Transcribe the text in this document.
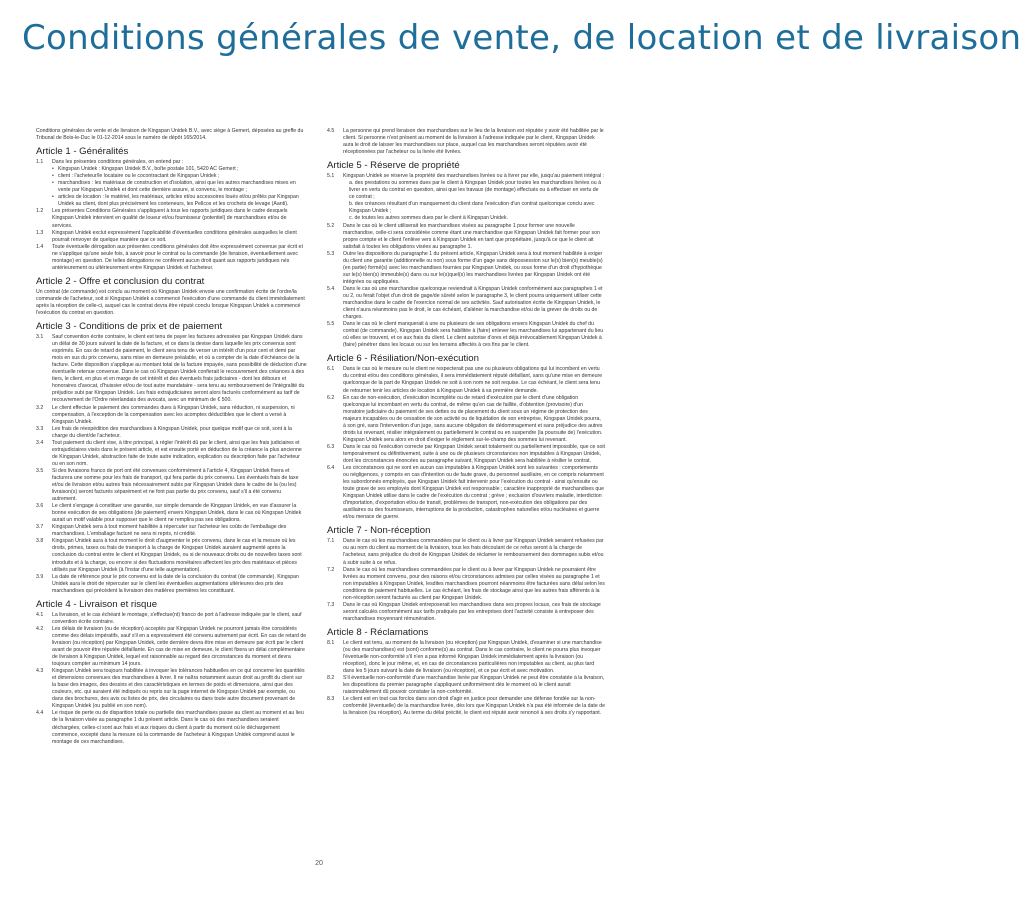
Conditions générales de vente, de location et de livraison

Conditions générales de vente et de livraison de Kingspan Unidek B.V., avec siège à Gemert, déposées au greffe du Tribunal de Bois-le-Duc le 01-12-2014 sous le numéro de dépôt 165/2014.

Article 1 - Généralités
1.1	Dans les présentes conditions générales, on entend par :
• Kingspan Unidek : Kingspan Unidek B.V., boîte postale 101, 5420 AC Gemert ;
• client : l'acheteur/le locataire ou le cocontractant de Kingspan Unidek ;
• marchandises : les matériaux de construction et d'isolation, ainsi que les autres marchandises mises en vente par Kingspan Unidek et dont cette dernière assure, si convenu, le montage ;
• articles de location : le matériel, les matériaux, articles et/ou accessoires loués et/ou prêtés par Kingspan Unidek au client, dont plus précisément les conteneurs, les Pellcos et les crochets de levage (Aanti).
1.2	Les présentes Conditions Générales s'appliquent à tous les rapports juridiques dans le cadre desquels Kingspan Unidek intervient en qualité de loueur et/ou fournisseur (potentiel) de marchandises et/ou de services.
1.3	Kingspan Unidek exclut expressément l'applicabilité d'éventuelles conditions générales auxquelles le client pourrait renvoyer de quelque manière que ce soit.
1.4	Toute éventuelle dérogation aux présentes conditions générales doit être expressément convenue par écrit et ne s'applique qu'une seule fois, à savoir pour le contrat ou la commande (de livraison, éventuellement avec montage) en question. De telles dérogations ne confèrent aucun droit quant aux rapports juridiques nés antérieurement ou ultérieurement entre Kingspan Unidek et l'acheteur.
Article 2 - Offre et conclusion du contrat
Un contrat (de commande) est conclu au moment où Kingspan Unidek envoie une confirmation écrite de l'ordre/la commande de l'acheteur, soit si Kingspan Unidek a commencé l'exécution d'une commande du client immédiatement après la réception de celle-ci, auquel cas le contrat devra être réputé conclu lorsque Kingspan Unidek a commencé l'exécution du contrat en question.
Article 3 - Conditions de prix et de paiement
3.1	Sauf convention écrite contraire, le client est tenu de payer les factures adressées par Kingspan Unidek dans un délai de 30 jours suivant la date de la facture, et ce dans la devise dans laquelle les prix convenus sont exprimés. En cas de retard de paiement, le client sera tenu de verser un intérêt d'un pour cent et demi par mois en sus du prix convenu, sans mise en demeure préalable, et où a compter de la date d'échéance de la facture. Cette disposition s'applique au montant total de la facture impayée, sans possibilité de déduction d'une éventuelle retenue convenue. Dans le cas où Kingspan Unidek confierait le recouvrement des créances à des tiers, le client, en plus et en marge de cet intérêt et des éventuels frais judiciaires - dont les débours et honoraires d'avocat, d'huissier et/ou de tout autre mandataire - sera tenu au remboursement de l'intégralité du préjudice subi par Kingspan Unidek. Les frais extrajudiciaires seront alors facturés conformément au tarif de recouvrement de l'Ordre néerlandais des avocats, avec un minimum de € 500.
3.2	Le client effectue le paiement des commandes dues à Kingspan Unidek, sans réduction, ni suspension, ni compensation, à l'exception de la compensation avec les acomptes déductibles que le client a versé à Kingspan Unidek.
3.3	Les frais de réexpédition des marchandises à Kingspan Unidek, pour quelque motif que ce soit, sont à la charge du client/de l'acheteur.
3.4	Tout paiement du client vise, à titre principal, à régler l'intérêt dû par le client, ainsi que les frais judiciaires et extrajudiciaires visés dans le présent article, et est ensuite porté en déduction de la créance la plus ancienne de Kingspan Unidek, abstraction faite de toute autre indication, explication ou description faite par l'acheteur ou en son nom.
3.5	Si des livraisons franco de port ont été convenues conformément à l'article 4, Kingspan Unidek fixera et facturera une somme pour les frais de transport, qui fera partie du prix convenu. Les éventuels frais de taxe et/ou de livraison et/ou autres frais nécessairement subis par Kingspan Unidek dans le cadre de la (ou les) livraison(s) seront facturés séparément et ne font pas partie du prix convenu, sauf s'il a été convenu autrement.
3.6	Le client s'engage à constituer une garantie, sur simple demande de Kingspan Unidek, en vue d'assurer la bonne exécution de ses obligations (de paiement) envers Kingspan Unidek, dans le cas où Kingspan Unidek aurait un motif valable pour supposer que le client ne remplira pas ses obligations.
3.7	Kingspan Unidek sera à tout moment habilitée à répercuter sur l'acheteur les coûts de l'emballage des marchandises. L'emballage facturé ne sera ni repris, ni crédité.
3.8	Kingspan Unidek aura à tout moment le droit d'augmenter le prix convenu, dans le cas et la mesure où les droits, primes, taxes ou frais de transport à la charge de Kingspan Unidek auraient augmenté après la conclusion du contrat entre le client et Kingspan Unidek, ou si de nouveaux droits ou de nouvelles taxes sont introduits et à la charge, ou encore si des fluctuations monétaires affectent les prix des matériaux et pièces utilisés par Kingspan Unidek (à l'instar d'une telle augmentation).
3.9	La date de référence pour le prix convenu est la date de la conclusion du contrat (de commande). Kingspan Unidek aura le droit de répercuter sur le client les éventuelles augmentations ultérieures des prix des marchandises qui précèdent la livraison des matières premières les constituant.
Article 4 - Livraison et risque
4.1	La livraison, et le cas échéant le montage, s'effectue(nt) franco de port à l'adresse indiquée par le client, sauf convention écrite contraire.
4.2	Les délais de livraison (ou de réception) acceptés par Kingspan Unidek ne pourront jamais être considérés comme des délais impératifs, sauf s'il en a expressément été convenu autrement par écrit. En cas de retard de livraison (ou réception) par Kingspan Unidek, cette dernière devra être mise en demeure par écrit par le client avant de pouvoir être réputée défaillante. En cas de mise en demeure, le client fixera un délai complémentaire de livraison à Kingspan Unidek, lequel est raisonnable au regard des circonstances du moment et devra toujours compter au minimum 14 jours.
4.3	Kingspan Unidek sera toujours habilitée à invoquer les tolérances habituelles en ce qui concerne les quantités et dimensions convenues des marchandises à livrer. Il ne naîtra notamment aucun droit au profit du client sur la base des images, des dessins et des caractéristiques en termes de poids et dimensions, ainsi que des couleurs, etc. qui auraient été indiqués ou repris sur la page internet de Kingspan Unidek par exemple, ou dans des brochures, des avis ou listes de prix, des circulaires ou dans toute autre document provenant de Kingspan Unidek (ou publié en son nom).
4.4	Le risque de perte ou de disparition totale ou partielle des marchandises passe au client au moment et au lieu de la livraison visée au paragraphe 1 du présent article. Dans le cas où des marchandises seraient déchargées, celles-ci sont aux frais et aux risques du client à partir du moment où le déchargement commence, excepté dans la mesure où la commande de l'acheteur à Kingspan Unidek comprend aussi le montage de ces marchandises.
4.5	La personne qui prend livraison des marchandises sur le lieu de la livraison est réputée y avoir été habilitée par le client. Si personne n'est présent au moment de la livraison à l'adresse indiquée par le client, Kingspan Unidek aura le droit de laisser les marchandises sur place, auquel cas les marchandises seront réputées avoir été réceptionnées par l'acheteur ou la livrée été livrées.
Article 5 - Réserve de propriété
5.1	Kingspan Unidek se réserve la propriété des marchandises livrées ou à livrer par elle, jusqu'au paiement intégral :
a. des prestations ou sommes dues par le client à Kingspan Unidek pour toutes les marchandises livrées ou à livrer en vertu du contrat en question, ainsi que les travaux (de montage) effectués ou à effectuer en vertu de ce contrat ;
b. des créances résultant d'un manquement du client dans l'exécution d'un contrat quelconque conclu avec Kingspan Unidek ;
c. de toutes les autres sommes dues par le client à Kingspan Unidek.
5.2	Dans le cas où le client utiliserait les marchandises visées au paragraphe 1 pour former une nouvelle marchandise, celle-ci sera considérée comme étant une marchandise que Kingspan Unidek fait former pour son propre compte et le client l'enlève vers à Kingspan Unidek en tant que propriétaire, jusqu'à ce que le client ait satisfait à toutes les obligations visées au paragraphe 1.
5.3	Outre les dispositions du paragraphe 1 du présent article, Kingspan Unidek sera à tout moment habilitée à exiger du client une garantie (additionnelle ou non) sous forme d'un gage sans dépossession sur le(s) bien(s) meuble(s) (en partie) formé(s) avec les marchandises fournies par Kingspan Unidek, ou sous forme d'un droit d'hypothèque sur le(s) bien(s) immeuble(s) dans ou sur le(s)quel(s) les marchandises livrées par Kingspan Unidek ont été intégrées ou appliquées.
5.4	Dans le cas où une marchandise quelconque reviendrait à Kingspan Unidek conformément aux paragraphes 1 et ou 2, ou ferait l'objet d'un droit de gage/de sûreté selon le paragraphe 3, le client pourra uniquement utiliser cette marchandise dans le cadre de l'exercice normal de ses activités. Sauf autorisation écrite de Kingspan Unidek, le client n'aura néanmoins pas le droit, le cas échéant, d'aliéner la marchandise et/ou de la grever de droits ou de charges.
5.5	Dans le cas où le client manquerait à une ou plusieurs de ses obligations envers Kingspan Unidek du chef du contrat (de commande), Kingspan Unidek sera habilitée à (faire) enlever les marchandises lui appartenant du lieu où elles se trouvent, et ce aux frais du client. Le client autorise d'ores et déjà irrévocablement Kingspan Unidek à (faire) pénétrer dans les locaux ou sur les terrains affectés à ces fins par le client.
Article 6 - Résiliation/Non-exécution
6.1	Dans le cas où le mesure ou le client ne respecterait pas une ou plusieurs obligations qui lui incombent en vertu du contrat et/ou des conditions générales, il sera immédiatement réputé défaillant, sans qu'une mise en demeure quelconque de la part de Kingspan Unidek ne soit à son nom ne soit requise. Le cas échéant, le client sera tenu de retourner tenir les articles de location à Kingspan Unidek à sa première demande.
6.2	En cas de non-exécution, d'exécution incomplète ou de retard d'exécution par le client d'une obligation quelconque lui incombant en vertu du contrat, de même qu'en cas de faillite, d'obtention (provisoire) d'un moratoire judiciaire du paiement de ses dettes ou de placement du client sous un régime de protection des majeurs incapables ou de cessation de son activité ou de liquidation de son entreprise, Kingspan Unidek pourra, à son gré, sans l'intervention d'un juge, sans aucune obligation de dédommagement et sans préjudice des autres droits lui revenant, résilier intégralement ou partiellement le contrat ou en suspendre (la poursuite de) l'exécution. Kingspan Unidek sera alors en droit d'exiger le règlement sur-le-champ des sommes lui revenant.
6.3	Dans le cas où l'exécution correcte par Kingspan Unidek serait totalement ou partiellement impossible, que ce soit temporairement ou définitivement, suite à une ou de plusieurs circonstances non imputables à Kingspan Unidek, dont les circonstances énoncées au paragraphe suivant, Kingspan Unidek sera habilitée à résilier le contrat.
6.4	Les circonstances qui ne sont en aucun cas imputables à Kingspan Unidek sont les suivantes : comportements ou négligences, y compris en cas d'intention ou de faute grave, du personnel auxiliaire, en ce compris notamment les subordonnés employés, que Kingspan Unidek fait intervenir pour l'exécution du contrat - ainsi qu'ensuite ou toute grave de ses employés dont Kingspan Unidek est responsable ; caractère inapproprié de marchandises que Kingspan Unidek utilise dans le cadre de l'exécution du contrat ; grève ; exclusion d'ouvriers maladie, interdiction d'importation, d'exportation et/ou de transit, problèmes de transport, non-exécution des obligations par des auxiliaires ou des fournisseurs, interruptions de la production, catastrophes naturelles et/ou nucléaires et guerre et/ou menace de guerre.
Article 7 - Non-réception
7.1	Dans le cas où les marchandises commandées par le client ou à livrer par Kingspan Unidek seraient refusées par ou au nom du client au moment de la livraison, tous les frais découlant de ce refus seront à la charge de l'acheteur, sans préjudice du droit de Kingspan Unidek de réclamer le remboursement des dommages subis et/ou à subir suite à ce refus.
7.2	Dans le cas où les marchandises commandées par le client ou à livrer par Kingspan Unidek ne pourraient être livrées au moment convenu, pour des raisons et/ou circonstances admises par celles visées au paragraphe 1 et non imputables à Kingspan Unidek, lesdites marchandises pourront néanmoins être facturées sans délai selon les conditions de paiement habituelles. Le cas échéant, les frais de stockage ainsi que les autres frais afférents à la non-réception seront facturés au client par Kingspan Unidek.
7.3	Dans le cas où Kingspan Unidek entreposerait les marchandises dans ses propres locaux, ces frais de stockage seront calculés conformément aux tarifs pratiqués par les entreprises dont l'activité consiste à entreposer des marchandises moyennant rémunération.
Article 8 - Réclamations
8.1	Le client est tenu, au moment de la livraison (ou réception) par Kingspan Unidek, d'examiner si une marchandise (ou des marchandises) est (sont) conforme(s) au contrat. Dans le cas contraire, le client ne pourra plus invoquer l'éventuelle non-conformité s'il n'en a pas informé Kingspan Unidek immédiatement après la livraison (ou réception), donc le jour même, et, en cas de circonstances particulières non imputables au client, au plus tard dans les 5 jours suivant la date de livraison (ou réception), et ce par écrit et avec motivation.
8.2	S'il éventuelle non-conformité d'une marchandise livrée par Kingspan Unidek ne peut être constatée à la livraison, les dispositions du premier paragraphe s'appliquent uniformément dès le moment où le client aurait raisonnablement dû pouvoir constater la non-conformité.
8.3	Le client est en tout cas forclos dans son droit d'agir en justice pour demander une défense fondée sur la non-conformité (éventuelle) de la marchandise livrée, dès lors que Kingspan Unidek n'a pas été informée de la date de la livraison (ou réception). Au terme du délai précité, le client est réputé avoir renoncé à ses droits s'y rapportant.
20
